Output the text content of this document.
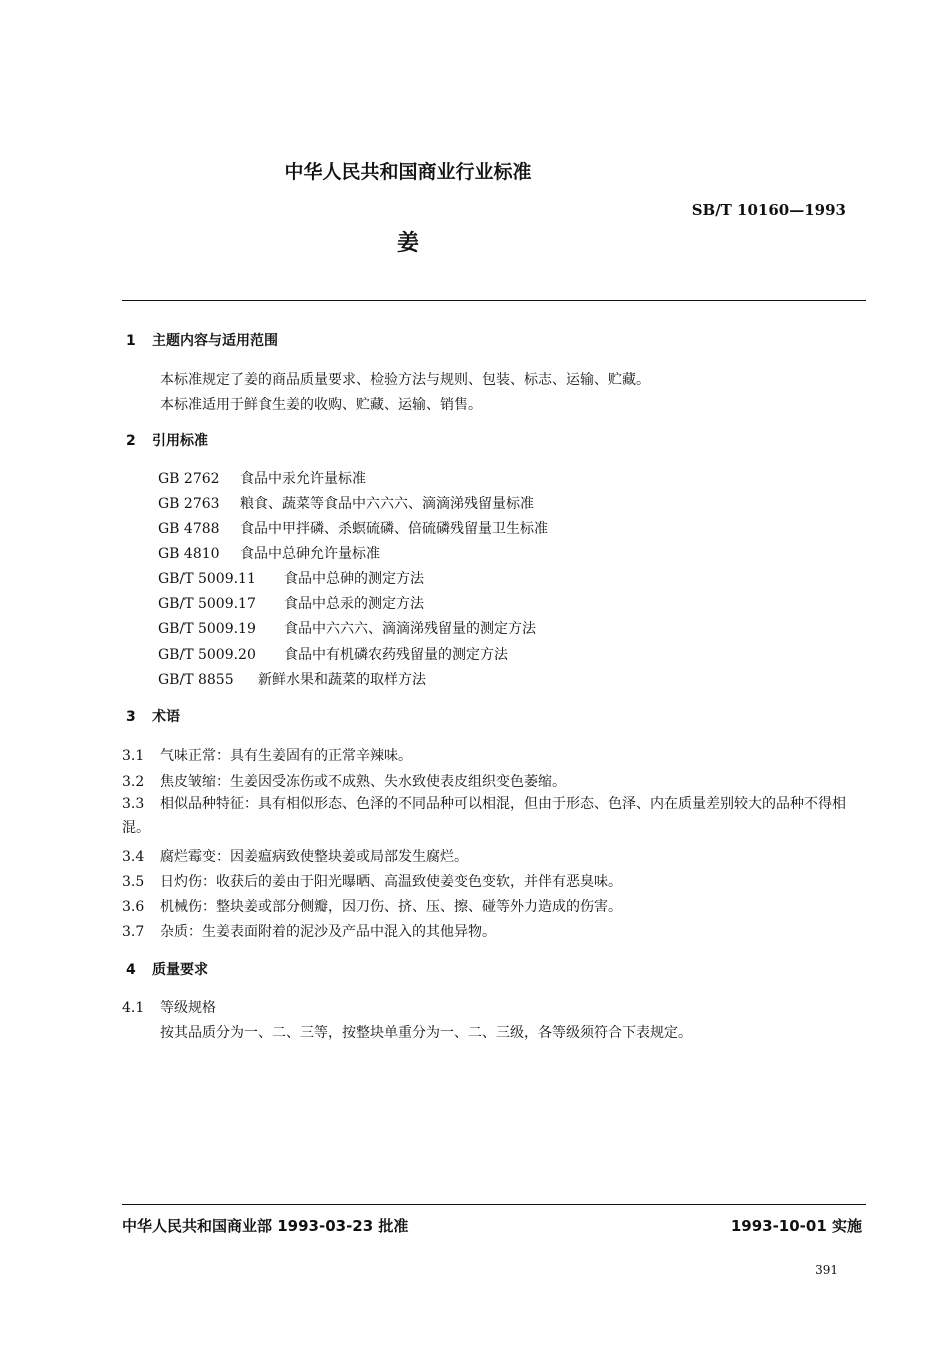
中华人民共和国商业行业标准
SB/T 10160—1993
姜
1 主题内容与适用范围
本标准规定了姜的商品质量要求、检验方法与规则、包装、标志、运输、贮藏。
本标准适用于鲜食生姜的收购、贮藏、运输、销售。
2 引用标准
GB 2762 食品中汞允许量标准
GB 2763 粮食、蔬菜等食品中六六六、滴滴涕残留量标准
GB 4788 食品中甲拌磷、杀螟硫磷、倍硫磷残留量卫生标准
GB 4810 食品中总砷允许量标准
GB/T 5009.11 食品中总砷的测定方法
GB/T 5009.17 食品中总汞的测定方法
GB/T 5009.19 食品中六六六、滴滴涕残留量的测定方法
GB/T 5009.20 食品中有机磷农药残留量的测定方法
GB/T 8855 新鲜水果和蔬菜的取样方法
3 术语
3.1 气味正常：具有生姜固有的正常辛辣味。
3.2 焦皮皱缩：生姜因受冻伤或不成熟、失水致使表皮组织变色萎缩。
3.3 相似品种特征：具有相似形态、色泽的不同品种可以相混，但由于形态、色泽、内在质量差别较大的品种不得相混。
3.4 腐烂霉变：因姜瘟病致使整块姜或局部发生腐烂。
3.5 日灼伤：收获后的姜由于阳光曝晒、高温致使姜变色变软，并伴有恶臭味。
3.6 机械伤：整块姜或部分侧瓣，因刀伤、挤、压、擦、碰等外力造成的伤害。
3.7 杂质：生姜表面附着的泥沙及产品中混入的其他异物。
4 质量要求
4.1 等级规格
按其品质分为一、二、三等，按整块单重分为一、二、三级，各等级须符合下表规定。
中华人民共和国商业部 1993-03-23 批准	1993-10-01 实施
391
